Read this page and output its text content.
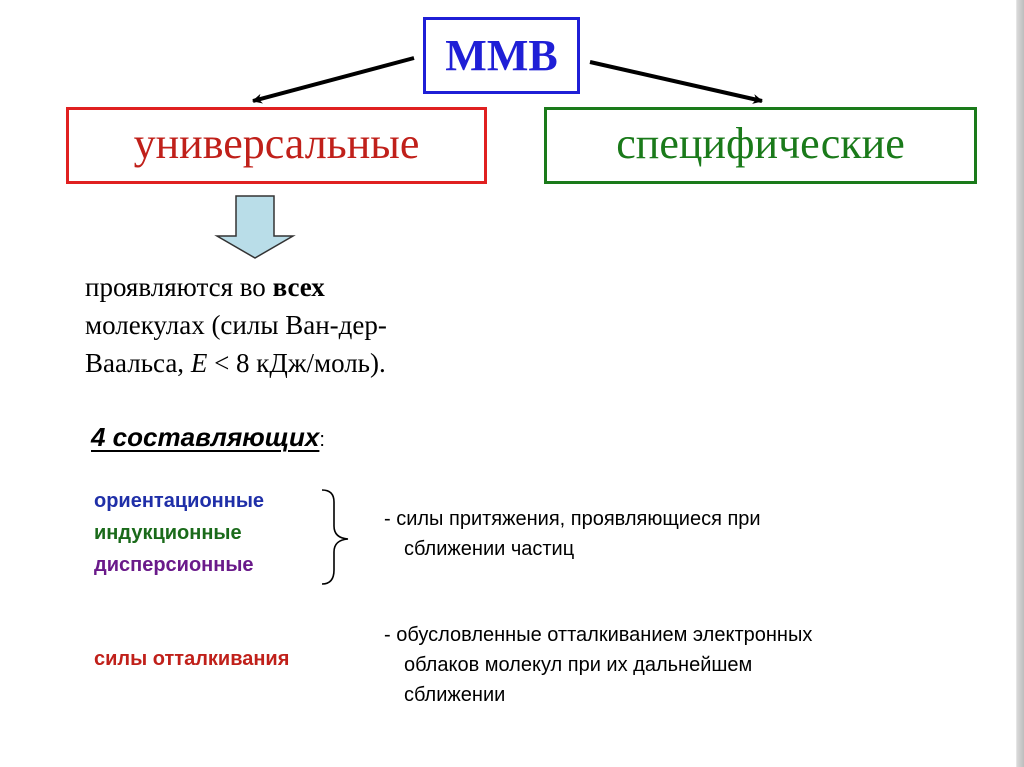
ММВ
универсальные	специфические
проявляются во всех
молекулах (силы Ван-дер-
Ваальса, E < 8 кДж/моль).
4 составляющих:
ориентационные
индукционные
дисперсионные
силы отталкивания
- силы притяжения, проявляющиеся при
сближении частиц
- обусловленные отталкиванием электронных
облаков молекул при их дальнейшем
сближении
